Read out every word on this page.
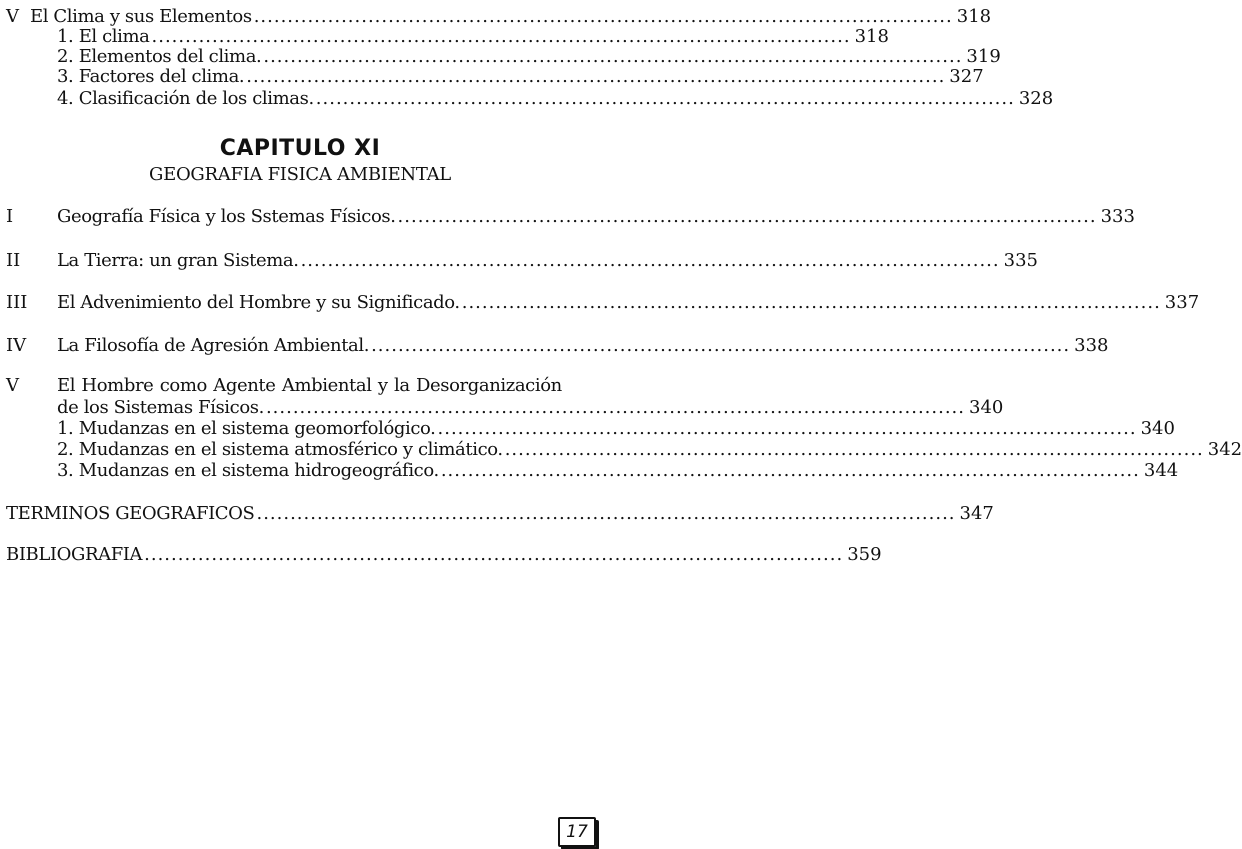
V El Clima y sus Elementos ........................................................................................................ 318
1. El clima ........................................................................................................ 318
2. Elementos del clima. ........................................................................................................ 319
3. Factores del clima. ........................................................................................................ 327
4. Clasificación de los climas. ........................................................................................................ 328
CAPITULO XI
GEOGRAFIA FISICA AMBIENTAL
I Geografía Física y los Sstemas Físicos. ........................................................................................................ 333
II La Tierra: un gran Sistema. ........................................................................................................ 335
III El Advenimiento del Hombre y su Significado. ........................................................................................................ 337
IV La Filosofía de Agresión Ambiental. ........................................................................................................ 338
V El Hombre como Agente Ambiental y la Desorganización
de los Sistemas Físicos. ........................................................................................................ 340
1. Mudanzas en el sistema geomorfológico. ........................................................................................................ 340
2. Mudanzas en el sistema atmosférico y climático. ........................................................................................................ 342
3. Mudanzas en el sistema hidrogeográfico. ........................................................................................................ 344
TERMINOS GEOGRAFICOS ........................................................................................................ 347
BIBLIOGRAFIA ........................................................................................................ 359
17
